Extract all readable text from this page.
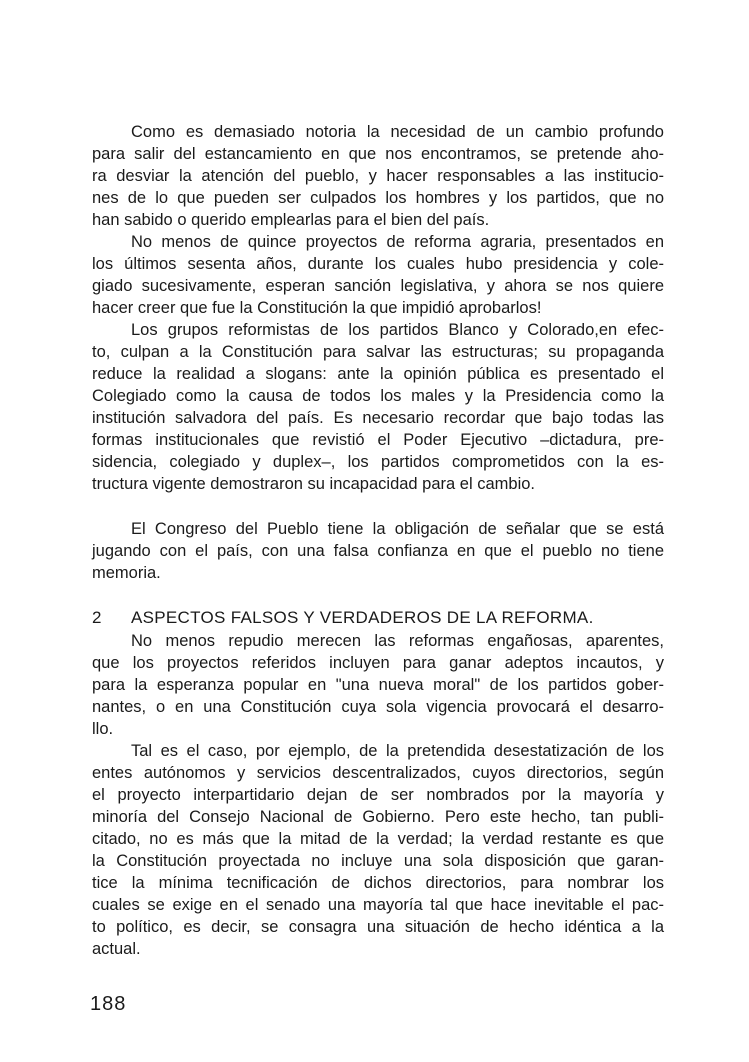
Como es demasiado notoria la necesidad de un cambio profundo
para salir del estancamiento en que nos encontramos, se pretende aho-
ra desviar la atención del pueblo, y hacer responsables a las institucio-
nes de lo que pueden ser culpados los hombres y los partidos, que no
han sabido o querido emplearlas para el bien del país.
No menos de quince proyectos de reforma agraria, presentados en
los últimos sesenta años, durante los cuales hubo presidencia y cole-
giado sucesivamente, esperan sanción legislativa, y ahora se nos quiere
hacer creer que fue la Constitución la que impidió aprobarlos!
Los grupos reformistas de los partidos Blanco y Colorado,en efec-
to, culpan a la Constitución para salvar las estructuras; su propaganda
reduce la realidad a slogans: ante la opinión pública es presentado el
Colegiado como la causa de todos los males y la Presidencia como la
institución salvadora del país. Es necesario recordar que bajo todas las
formas institucionales que revistió el Poder Ejecutivo –dictadura, pre-
sidencia, colegiado y duplex–, los partidos comprometidos con la es-
tructura vigente demostraron su incapacidad para el cambio.
El Congreso del Pueblo tiene la obligación de señalar que se está
jugando con el país, con una falsa confianza en que el pueblo no tiene
memoria.
2 ASPECTOS FALSOS Y VERDADEROS DE LA REFORMA.
No menos repudio merecen las reformas engañosas, aparentes,
que los proyectos referidos incluyen para ganar adeptos incautos, y
para la esperanza popular en "una nueva moral" de los partidos gober-
nantes, o en una Constitución cuya sola vigencia provocará el desarro-
llo.
Tal es el caso, por ejemplo, de la pretendida desestatización de los
entes autónomos y servicios descentralizados, cuyos directorios, según
el proyecto interpartidario dejan de ser nombrados por la mayoría y
minoría del Consejo Nacional de Gobierno. Pero este hecho, tan publi-
citado, no es más que la mitad de la verdad; la verdad restante es que
la Constitución proyectada no incluye una sola disposición que garan-
tice la mínima tecnificación de dichos directorios, para nombrar los
cuales se exige en el senado una mayoría tal que hace inevitable el pac-
to político, es decir, se consagra una situación de hecho idéntica a la
actual.
188
